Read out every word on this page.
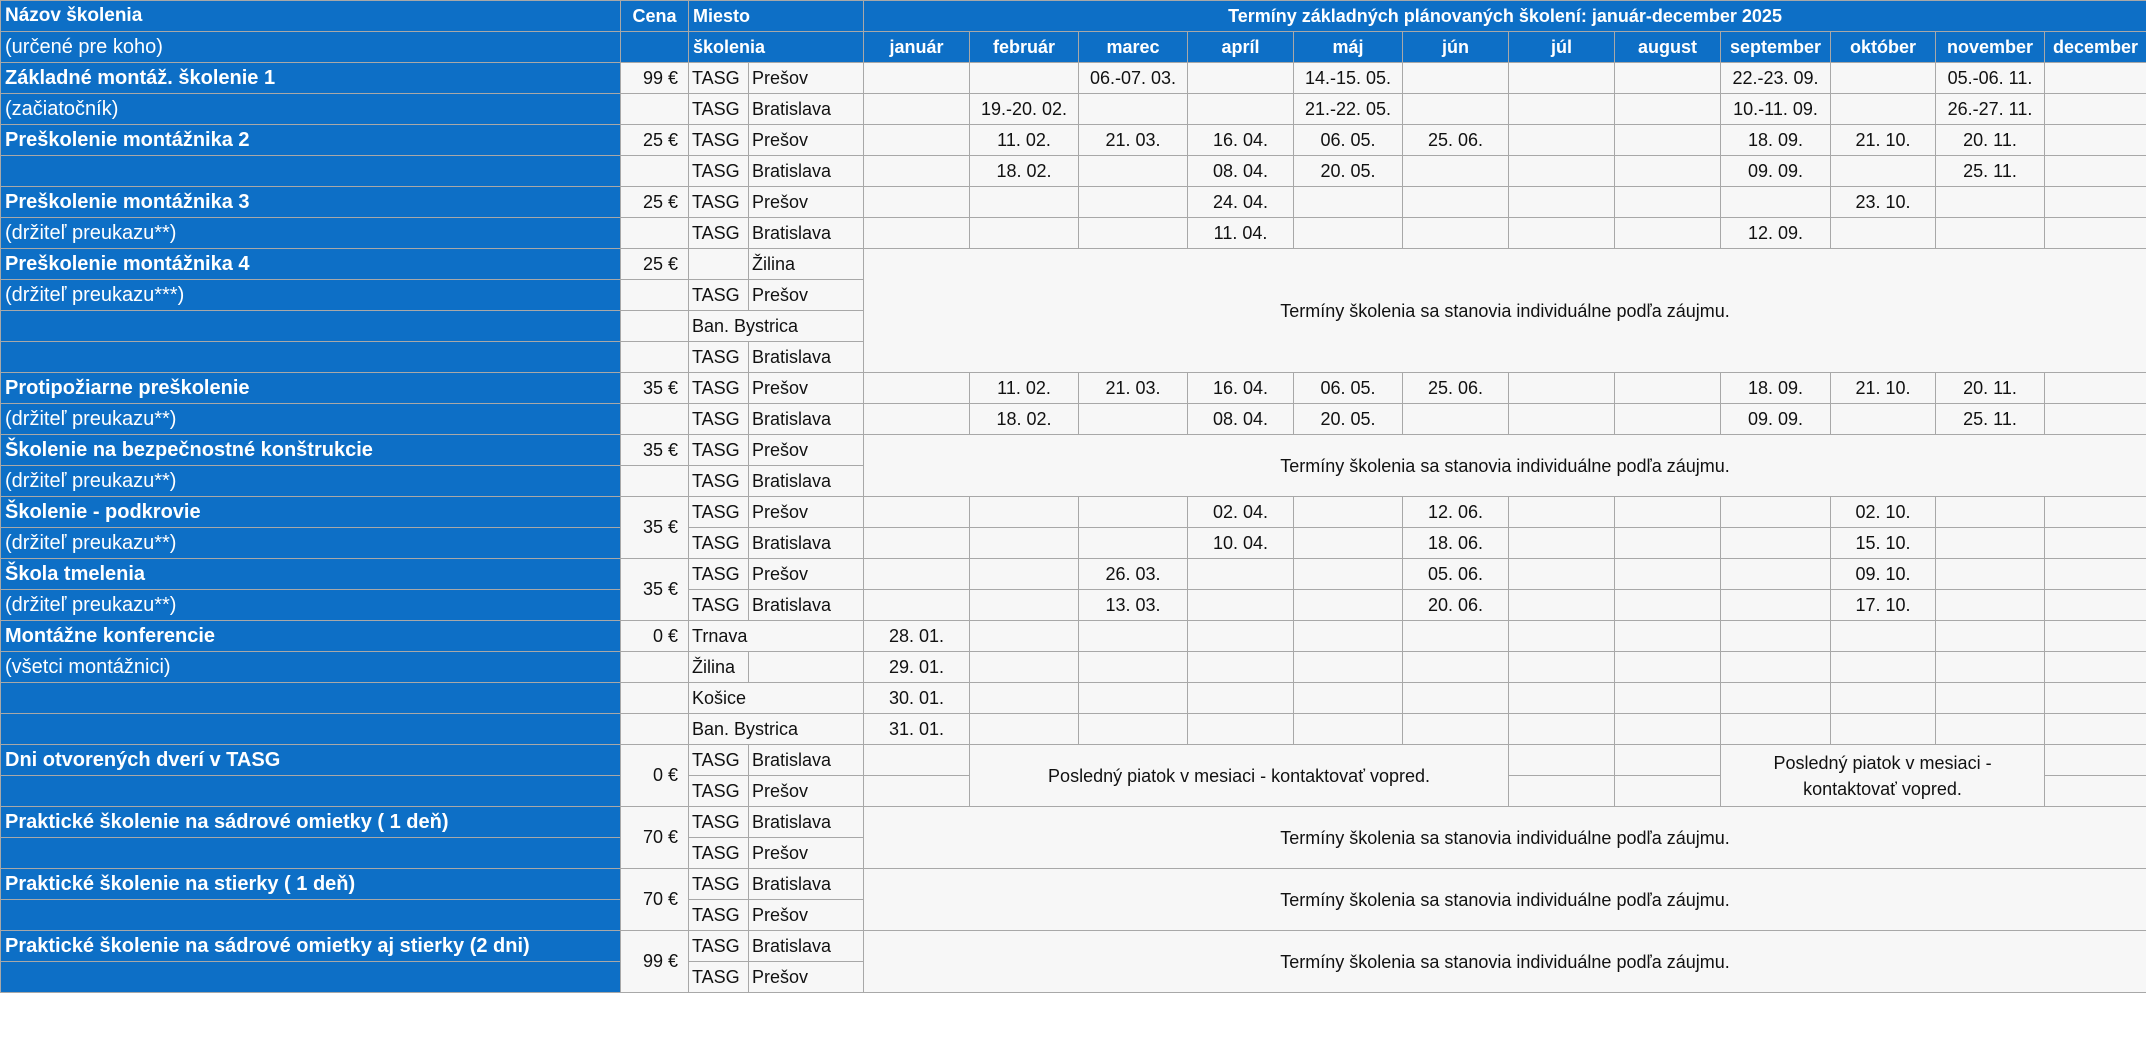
Názov školenia	Cena	Miesto		Termíny základných plánovaných školení: január-december 2025											
(určené pre koho)		školenia		január	február	marec	apríl	máj	jún	júl	august	september	október	november	december
Základné montáž. školenie 1	99 €	TASG	Prešov			06.-07. 03.		14.-15. 05.				22.-23. 09.		05.-06. 11.	
(začiatočník)		TASG	Bratislava		19.-20. 02.			21.-22. 05.				10.-11. 09.		26.-27. 11.	
Preškolenie montážnika 2	25 €	TASG	Prešov		11. 02.	21. 03.	16. 04.	06. 05.	25. 06.			18. 09.	21. 10.	20. 11.	
		TASG	Bratislava		18. 02.		08. 04.	20. 05.				09. 09.		25. 11.	
Preškolenie montážnika 3	25 €	TASG	Prešov				24. 04.						23. 10.		
(držiteľ preukazu**)		TASG	Bratislava				11. 04.					12. 09.			
Preškolenie montážnika 4	25 €		Žilina	Termíny školenia sa stanovia individuálne podľa záujmu.											
(držiteľ preukazu***)		TASG	Prešov												
		Ban. Bystrica													
		TASG	Bratislava												
Protipožiarne preškolenie	35 €	TASG	Prešov		11. 02.	21. 03.	16. 04.	06. 05.	25. 06.			18. 09.	21. 10.	20. 11.	
(držiteľ preukazu**)		TASG	Bratislava		18. 02.		08. 04.	20. 05.				09. 09.		25. 11.	
Školenie na bezpečnostné konštrukcie	35 €	TASG	Prešov	Termíny školenia sa stanovia individuálne podľa záujmu.											
(držiteľ preukazu**)		TASG	Bratislava												
Školenie - podkrovie	35 €	TASG	Prešov				02. 04.		12. 06.				02. 10.		
(držiteľ preukazu**)		TASG	Bratislava				10. 04.		18. 06.				15. 10.		
Škola tmelenia	35 €	TASG	Prešov			26. 03.			05. 06.				09. 10.		
(držiteľ preukazu**)		TASG	Bratislava			13. 03.			20. 06.				17. 10.		
Montážne konferencie	0 €	Trnava		28. 01.											
(všetci montážnici)		Žilina		29. 01.											
		Košice		30. 01.											
		Ban. Bystrica		31. 01.											
Dni otvorených dverí v TASG	0 €	TASG	Bratislava		Posledný piatok v mesiaci - kontaktovať vopred.							Posledný piatok v mesiaci - kontaktovať vopred.			
		TASG	Prešov												
Praktické školenie na sádrové omietky ( 1 deň)	70 €	TASG	Bratislava	Termíny školenia sa stanovia individuálne podľa záujmu.											
		TASG	Prešov												
Praktické školenie na stierky ( 1 deň)	70 €	TASG	Bratislava	Termíny školenia sa stanovia individuálne podľa záujmu.											
		TASG	Prešov												
Praktické školenie na sádrové omietky aj stierky (2 dni)	99 €	TASG	Bratislava	Termíny školenia sa stanovia individuálne podľa záujmu.											
		TASG	Prešov												
